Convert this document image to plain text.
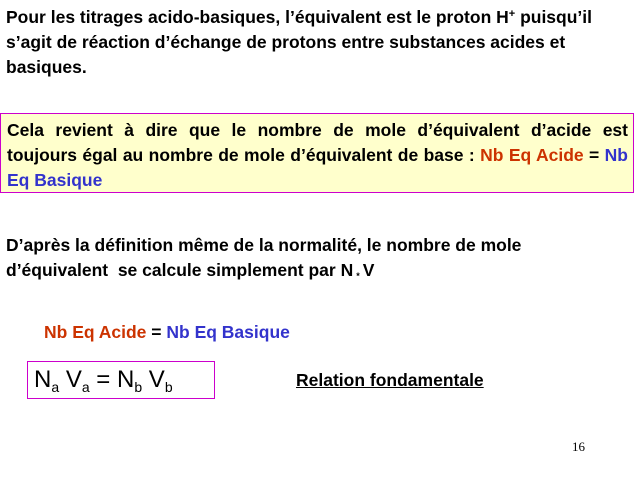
Pour les titrages acido-basiques, l’équivalent est le proton H+ puisqu’il s’agit de réaction d’échange de protons entre substances acides et basiques.
Cela revient à dire que le nombre de mole d’équivalent d’acide est toujours égal au nombre de mole d’équivalent de base : Nb Eq Acide = Nb Eq Basique
D’après la définition même de la normalité, le nombre de mole d’équivalent  se calcule simplement par N * V
Nb Eq Acide = Nb Eq Basique
$N_a$ $V_a = N_b$ $V_b$	Relation fondamentale
16
